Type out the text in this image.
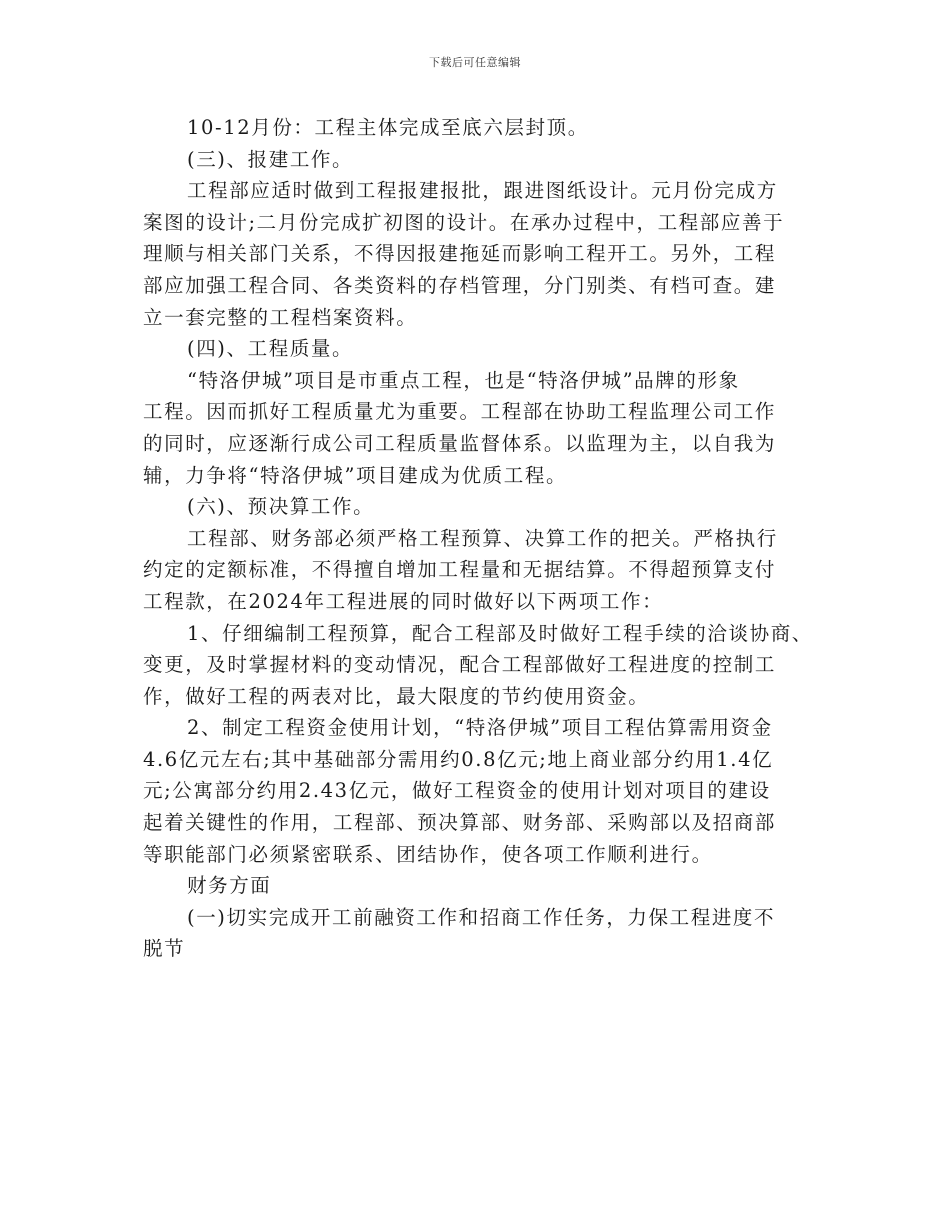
下载后可任意编辑
10-12月份：工程主体完成至底六层封顶。
(三)、报建工作。
工程部应适时做到工程报建报批，跟进图纸设计。元月份完成方
案图的设计;二月份完成扩初图的设计。在承办过程中，工程部应善于
理顺与相关部门关系，不得因报建拖延而影响工程开工。另外，工程
部应加强工程合同、各类资料的存档管理，分门别类、有档可查。建
立一套完整的工程档案资料。
(四)、工程质量。
“特洛伊城”项目是市重点工程，也是“特洛伊城”品牌的形象
工程。因而抓好工程质量尤为重要。工程部在协助工程监理公司工作
的同时，应逐渐行成公司工程质量监督体系。以监理为主，以自我为
辅，力争将“特洛伊城”项目建成为优质工程。
(六)、预决算工作。
工程部、财务部必须严格工程预算、决算工作的把关。严格执行
约定的定额标准，不得擅自增加工程量和无据结算。不得超预算支付
工程款，在2024年工程进展的同时做好以下两项工作：
1、仔细编制工程预算，配合工程部及时做好工程手续的洽谈协商、
变更，及时掌握材料的变动情况，配合工程部做好工程进度的控制工
作，做好工程的两表对比，最大限度的节约使用资金。
2、制定工程资金使用计划，“特洛伊城”项目工程估算需用资金
4.6亿元左右;其中基础部分需用约0.8亿元;地上商业部分约用1.4亿
元;公寓部分约用2.43亿元，做好工程资金的使用计划对项目的建设
起着关键性的作用，工程部、预决算部、财务部、采购部以及招商部
等职能部门必须紧密联系、团结协作，使各项工作顺利进行。
财务方面
(一)切实完成开工前融资工作和招商工作任务，力保工程进度不
脱节
